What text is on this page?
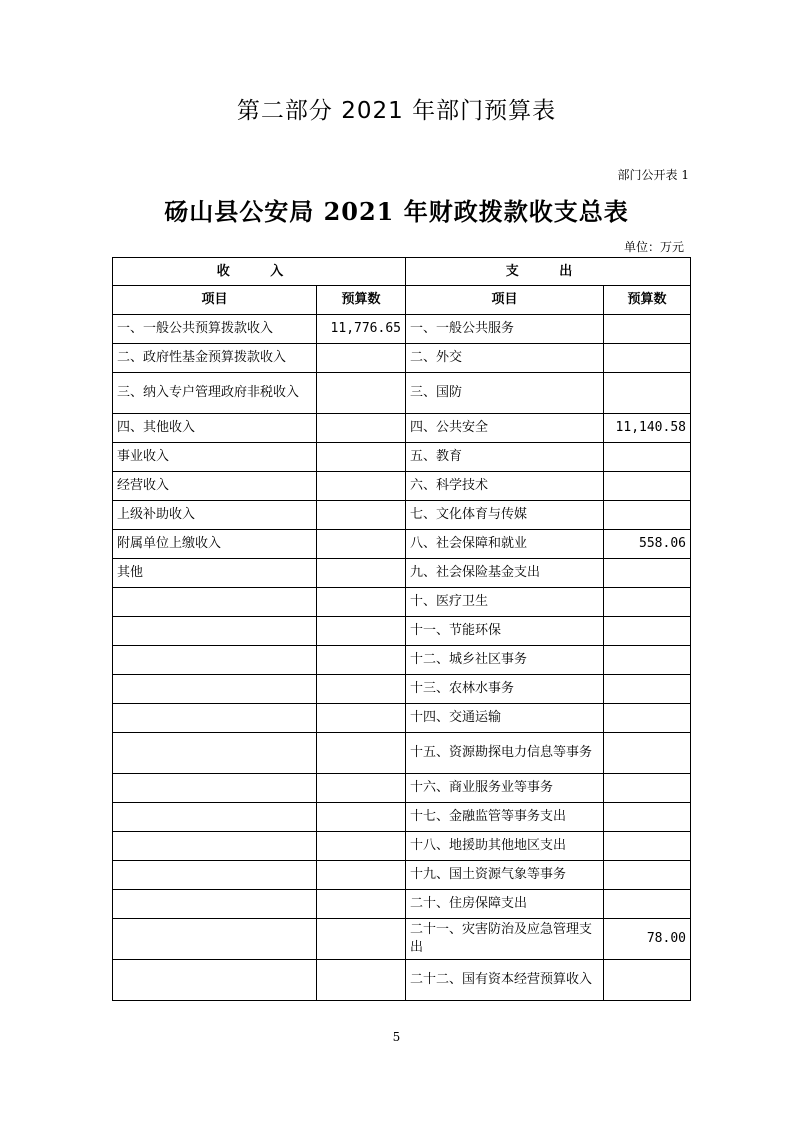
第二部分 2021 年部门预算表
部门公开表 1
砀山县公安局 2021 年财政拨款收支总表
单位：万元
收 入		支 出	
项目	预算数	项目	预算数
一、一般公共预算拨款收入	11,776.65	一、一般公共服务	
二、政府性基金预算拨款收入		二、外交	
三、纳入专户管理政府非税收入		三、国防	
四、其他收入		四、公共安全	11,140.58
事业收入		五、教育	
经营收入		六、科学技术	
上级补助收入		七、文化体育与传媒	
附属单位上缴收入		八、社会保障和就业	558.06
其他		九、社会保险基金支出	
		十、医疗卫生	
		十一、节能环保	
		十二、城乡社区事务	
		十三、农林水事务	
		十四、交通运输	
		十五、资源勘探电力信息等事务	
		十六、商业服务业等事务	
		十七、金融监管等事务支出	
		十八、地援助其他地区支出	
		十九、国土资源气象等事务	
		二十、住房保障支出	
		二十一、灾害防治及应急管理支出	78.00
		二十二、国有资本经营预算收入	
5
